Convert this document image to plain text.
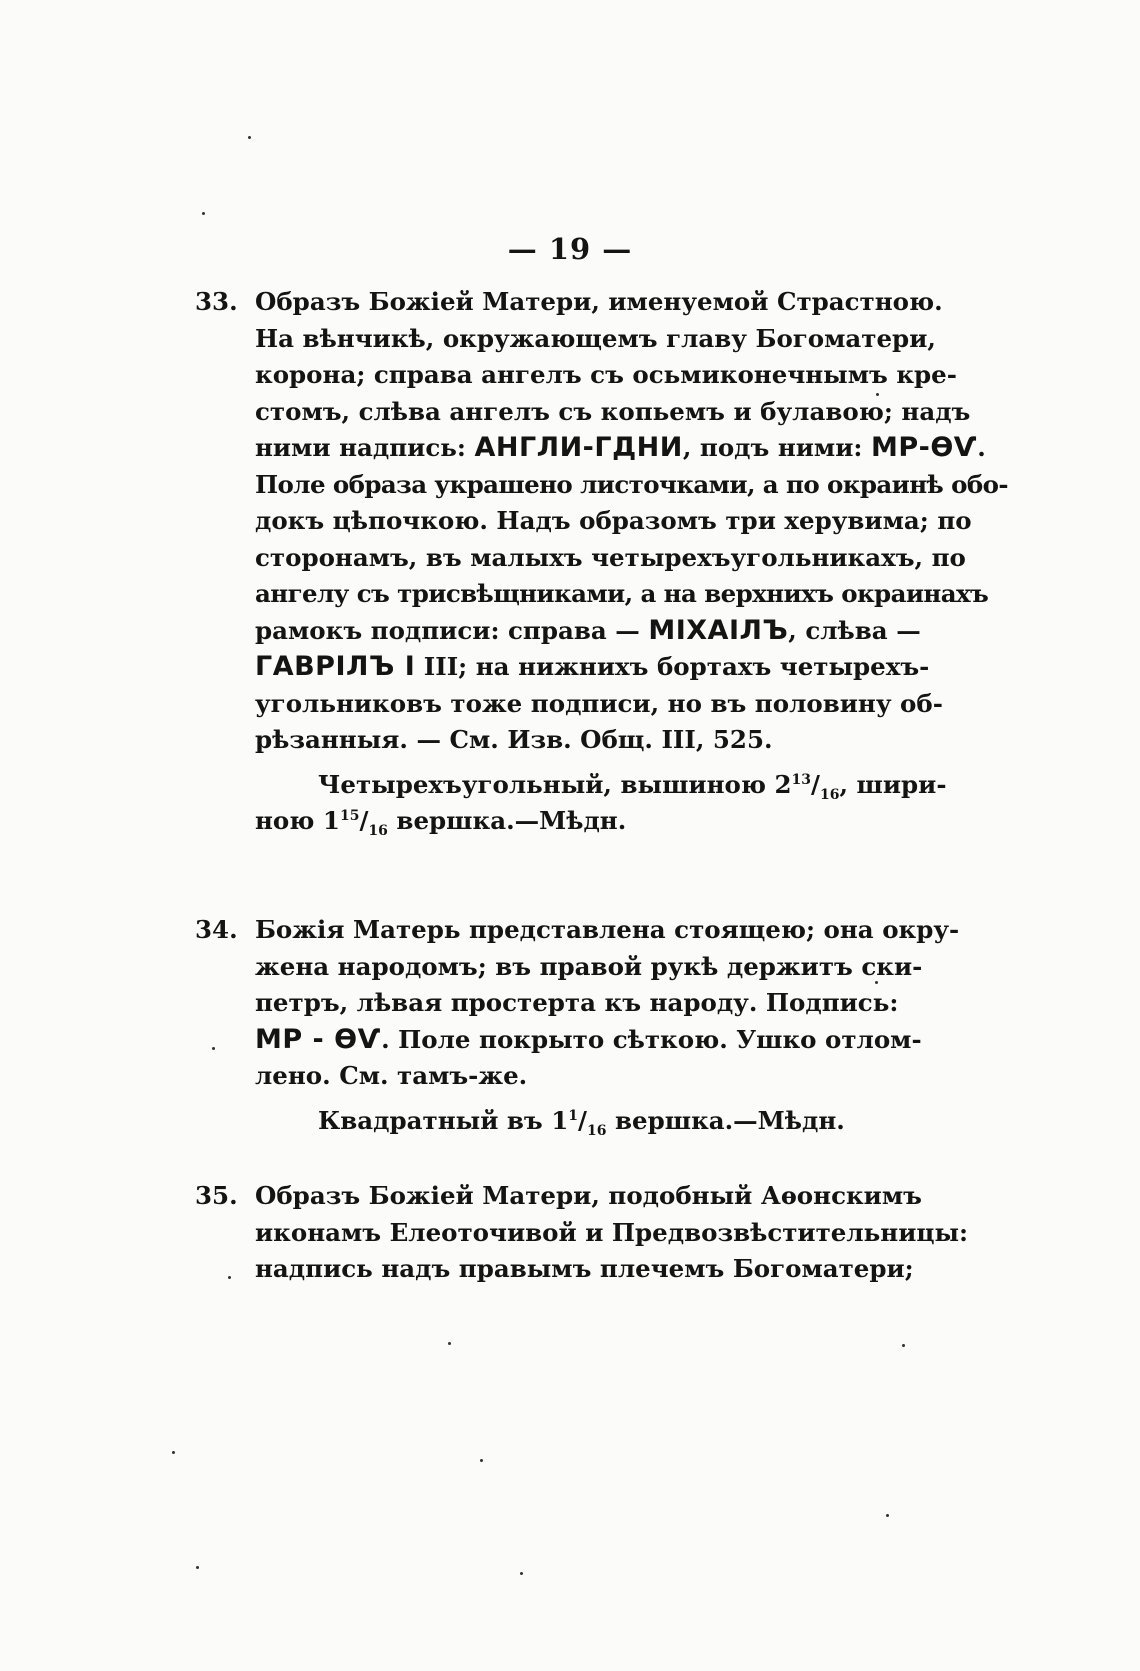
— 19 —
33. Образъ Божіей Матери, именуемой Страстною.
На вѣнчикѣ, окружающемъ главу Богоматери,
корона; справа ангелъ съ осьмиконечнымъ кре-
стомъ, слѣва ангелъ съ копьемъ и булавою; надъ
ними надпись: АНГЛИ-ГДНИ, подъ ними: МР-ѲѴ.
Поле образа украшено листочками, а по окраинѣ обо-
докъ цѣпочкою. Надъ образомъ три херувима; по
сторонамъ, въ малыхъ четырехъугольникахъ, по
ангелу съ трисвѣщниками, а на верхнихъ окраинахъ
рамокъ подписи: справа — МІХАІЛЪ, слѣва —
ГАВРІЛЪ І III; на нижнихъ бортахъ четырехъ-
угольниковъ тоже подписи, но въ половину об-
рѣзанныя. — См. Изв. Общ. III, 525.
Четырехъугольный, вышиною $2^{13}/_{16}$, шири-
ною $1^{15}/_{16}$ вершка.—Мѣдн.
34. Божія Матерь представлена стоящею; она окру-
жена народомъ; въ правой рукѣ держитъ ски-
петръ, лѣвая простерта къ народу. Подпись:
МР - ѲѴ. Поле покрыто сѣткою. Ушко отлом-
лено. См. тамъ-же.
Квадратный въ $1^1/_{16}$ вершка.—Мѣдн.
35. Образъ Божіей Матери, подобный Аѳонскимъ
иконамъ Елеоточивой и Предвозвѣстительницы:
надпись надъ правымъ плечемъ Богоматери;
